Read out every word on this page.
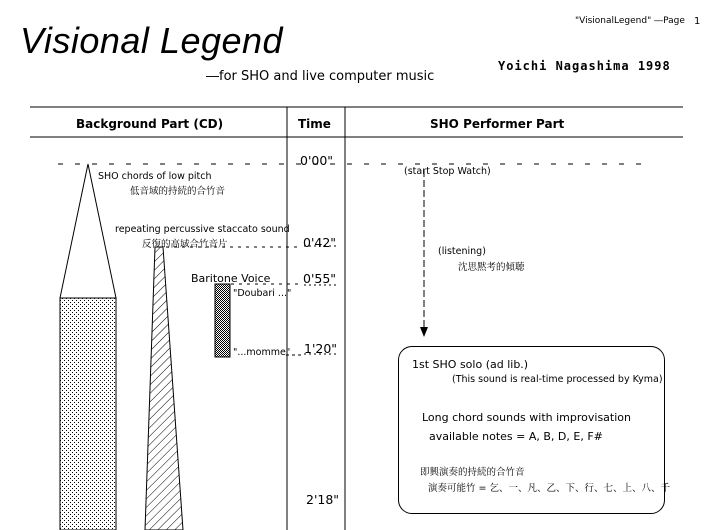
Visional Legend	"VisionalLegend" ―Page 1
―for SHO and live computer music
Yoichi Nagashima 1998
Background Part (CD)	Time	SHO Performer Part
SHO chords of low pitch
低音域的持続的合竹音
repeating percussive staccato sound
反復的高域合竹音片
Baritone Voice
"Doubari ..."
"...momme"
0'00"
0'42"
0'55"
1'20"
2'18"
(start Stop Watch)
(listening)
沈思黙考的傾聴
1st SHO solo (ad lib.)
(This sound is real-time processed by Kyma)
Long chord sounds with improvisation
available notes = A, B, D, E, F#
即興演奏的持続的合竹音
演奏可能竹 = 乞、一、凡、乙、下、行、七、上、八、千
